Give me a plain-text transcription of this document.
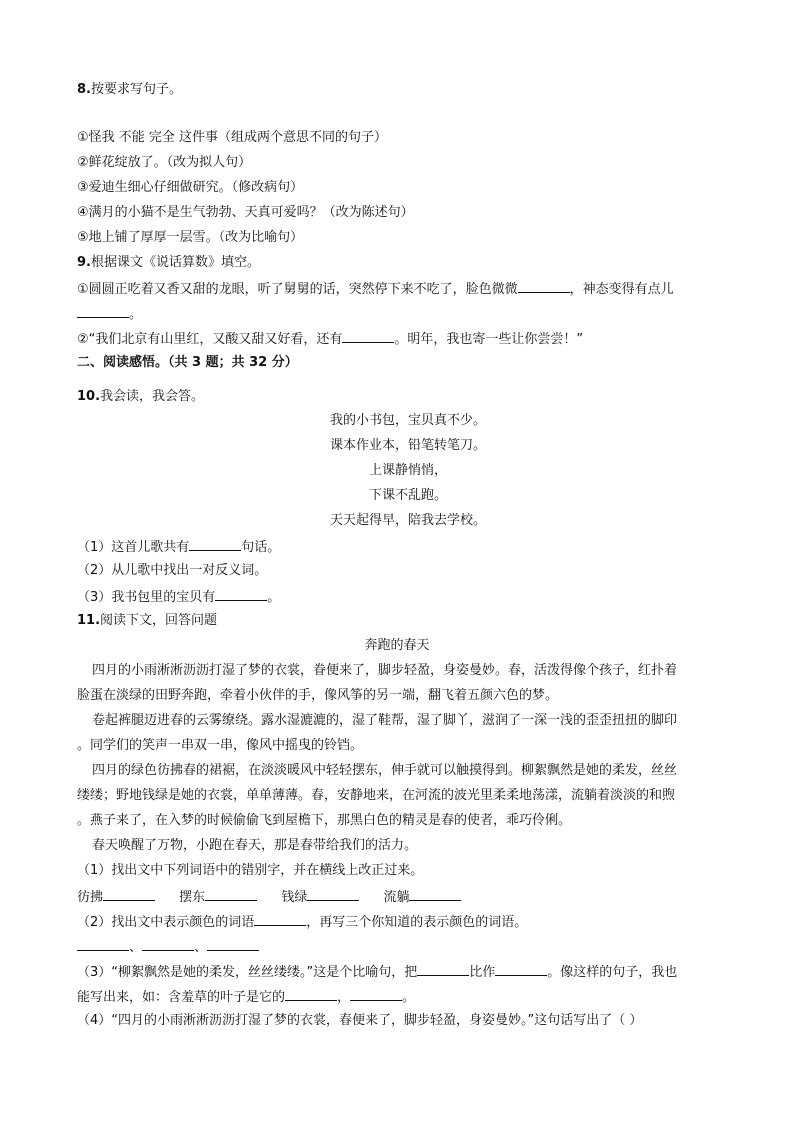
8.按要求写句子。
①怪我 不能 完全 这件事（组成两个意思不同的句子）
②鲜花绽放了。（改为拟人句）
③爱迪生细心仔细做研究。（修改病句）
④满月的小猫不是生气勃勃、天真可爱吗？（改为陈述句）
⑤地上铺了厚厚一层雪。（改为比喻句）
9.根据课文《说话算数》填空。
①圆圆正吃着又香又甜的龙眼，听了舅舅的话，突然停下来不吃了，脸色微微	，神态变得有点儿
。
②“我们北京有山里红，又酸又甜又好看，还有	。明年，我也寄一些让你尝尝！”
二、阅读感悟。（共 3 题；共 32 分）
10.我会读，我会答。
我的小书包，宝贝真不少。
课本作业本，铅笔转笔刀。
上课静悄悄，
下课不乱跑。
天天起得早，陪我去学校。
（1）这首儿歌共有	句话。
（2）从儿歌中找出一对反义词。
（3）我书包里的宝贝有	。
11.阅读下文，回答问题
奔跑的春天
四月的小雨淅淅沥沥打湿了梦的衣裳，眷便来了，脚步轻盈，身姿曼妙。春，活泼得像个孩子，红扑着
脸蛋在淡绿的田野奔跑，牵着小伙伴的手，像风筝的另一端，翻飞着五颜六色的梦。
卷起裤腿迈进春的云雾缭绕。露水湿漉漉的，湿了鞋帮，湿了脚丫，滋润了一深一浅的歪歪扭扭的脚印
。同学们的笑声一串双一串，像风中摇曳的铃铛。
四月的绿色彷拂春的裙裾，在淡淡暖风中轻轻摆东，伸手就可以触摸得到。柳絮飘然是她的柔发，丝丝
缕缕；野地钱绿是她的衣裳，单单薄薄。春，安静地来，在河流的波光里柔柔地荡漾，流躺着淡淡的和煦
。燕子来了，在入梦的时候偷偷飞到屋檐下，那黑白色的精灵是春的使者，乖巧伶俐。
春天唤醒了万物，小跑在春天，那是春带给我们的活力。
（1）找出文中下列词语中的错别字，并在横线上改正过来。
彷拂	摆东	钱绿	流躺
（2）找出文中表示颜色的词语	，再写三个你知道的表示颜色的词语。
、	、
（3）“柳絮飘然是她的柔发，丝丝缕缕。”这是个比喻句，把	比作	。像这样的句子，我也
能写出来，如：含羞草的叶子是它的	，	。
（4）“四月的小雨淅淅沥沥打湿了梦的衣裳，春便来了，脚步轻盈，身姿曼妙。”这句话写出了（ ）
